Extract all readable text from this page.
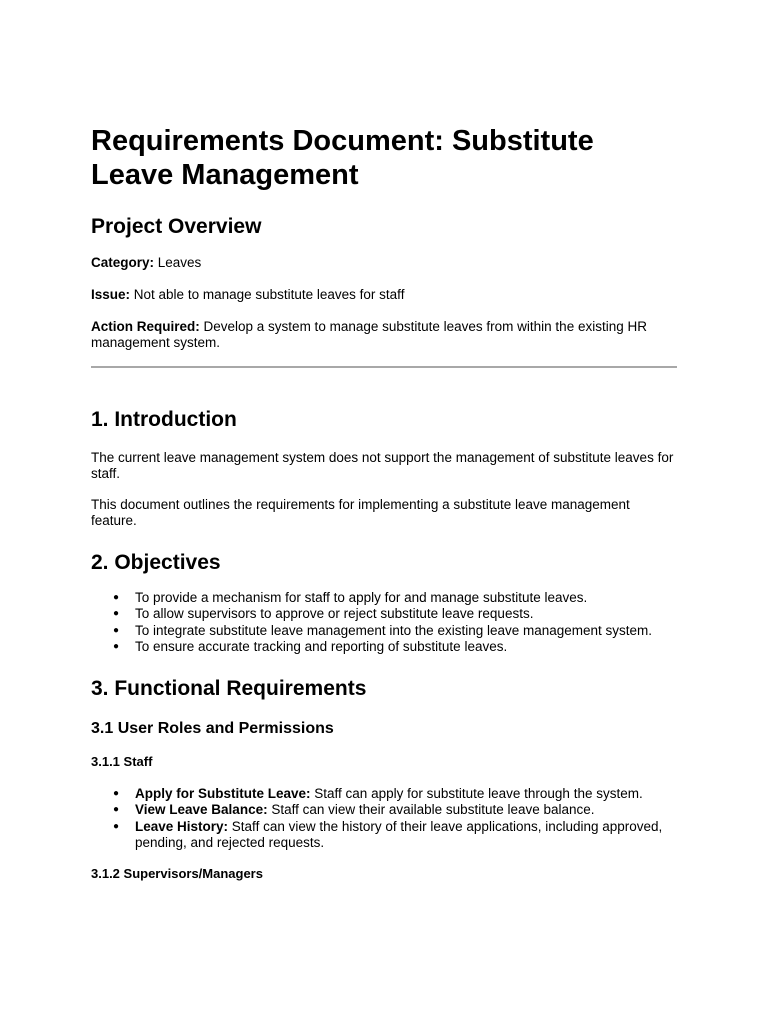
Requirements Document: Substitute Leave Management
Project Overview

Category: Leaves

Issue: Not able to manage substitute leaves for staff

Action Required: Develop a system to manage substitute leaves from within the existing HR management system.

1. Introduction

The current leave management system does not support the management of substitute leaves for staff.

This document outlines the requirements for implementing a substitute leave management feature.

2. Objectives
● To provide a mechanism for staff to apply for and manage substitute leaves.
● To allow supervisors to approve or reject substitute leave requests.
● To integrate substitute leave management into the existing leave management system.
● To ensure accurate tracking and reporting of substitute leaves.
3. Functional Requirements
3.1 User Roles and Permissions
3.1.1 Staff
● Apply for Substitute Leave: Staff can apply for substitute leave through the system.
● View Leave Balance: Staff can view their available substitute leave balance.
● Leave History: Staff can view the history of their leave applications, including approved, pending, and rejected requests.
3.1.2 Supervisors/Managers
